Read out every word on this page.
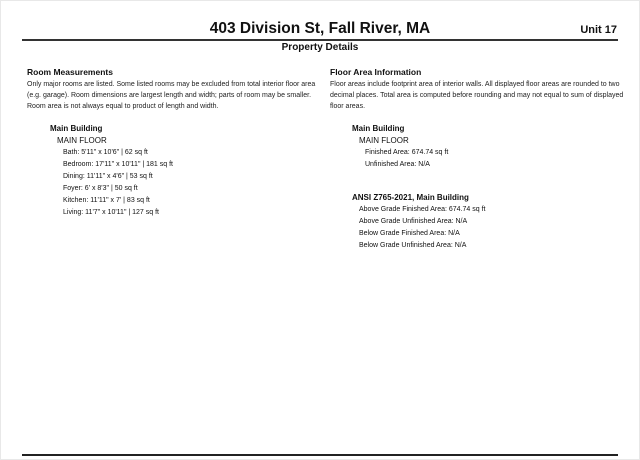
403 Division St, Fall River, MA	Unit 17
Property Details
Room Measurements
Only major rooms are listed. Some listed rooms may be excluded from total interior floor area (e.g. garage). Room dimensions are largest length and width; parts of room may be smaller. Room area is not always equal to product of length and width.
Main Building
MAIN FLOOR
Bath: 5'11" x 10'6" | 62 sq ft
Bedroom: 17'11" x 10'11" | 181 sq ft
Dining: 11'11" x 4'6" | 53 sq ft
Foyer: 6' x 8'3" | 50 sq ft
Kitchen: 11'11" x 7' | 83 sq ft
Living: 11'7" x 10'11" | 127 sq ft
Floor Area Information
Floor areas include footprint area of interior walls. All displayed floor areas are rounded to two decimal places. Total area is computed before rounding and may not equal to sum of displayed floor areas.
Main Building
MAIN FLOOR
Finished Area: 674.74 sq ft
Unfinished Area: N/A
ANSI Z765-2021, Main Building
Above Grade Finished Area: 674.74 sq ft
Above Grade Unfinished Area: N/A
Below Grade Finished Area: N/A
Below Grade Unfinished Area: N/A
